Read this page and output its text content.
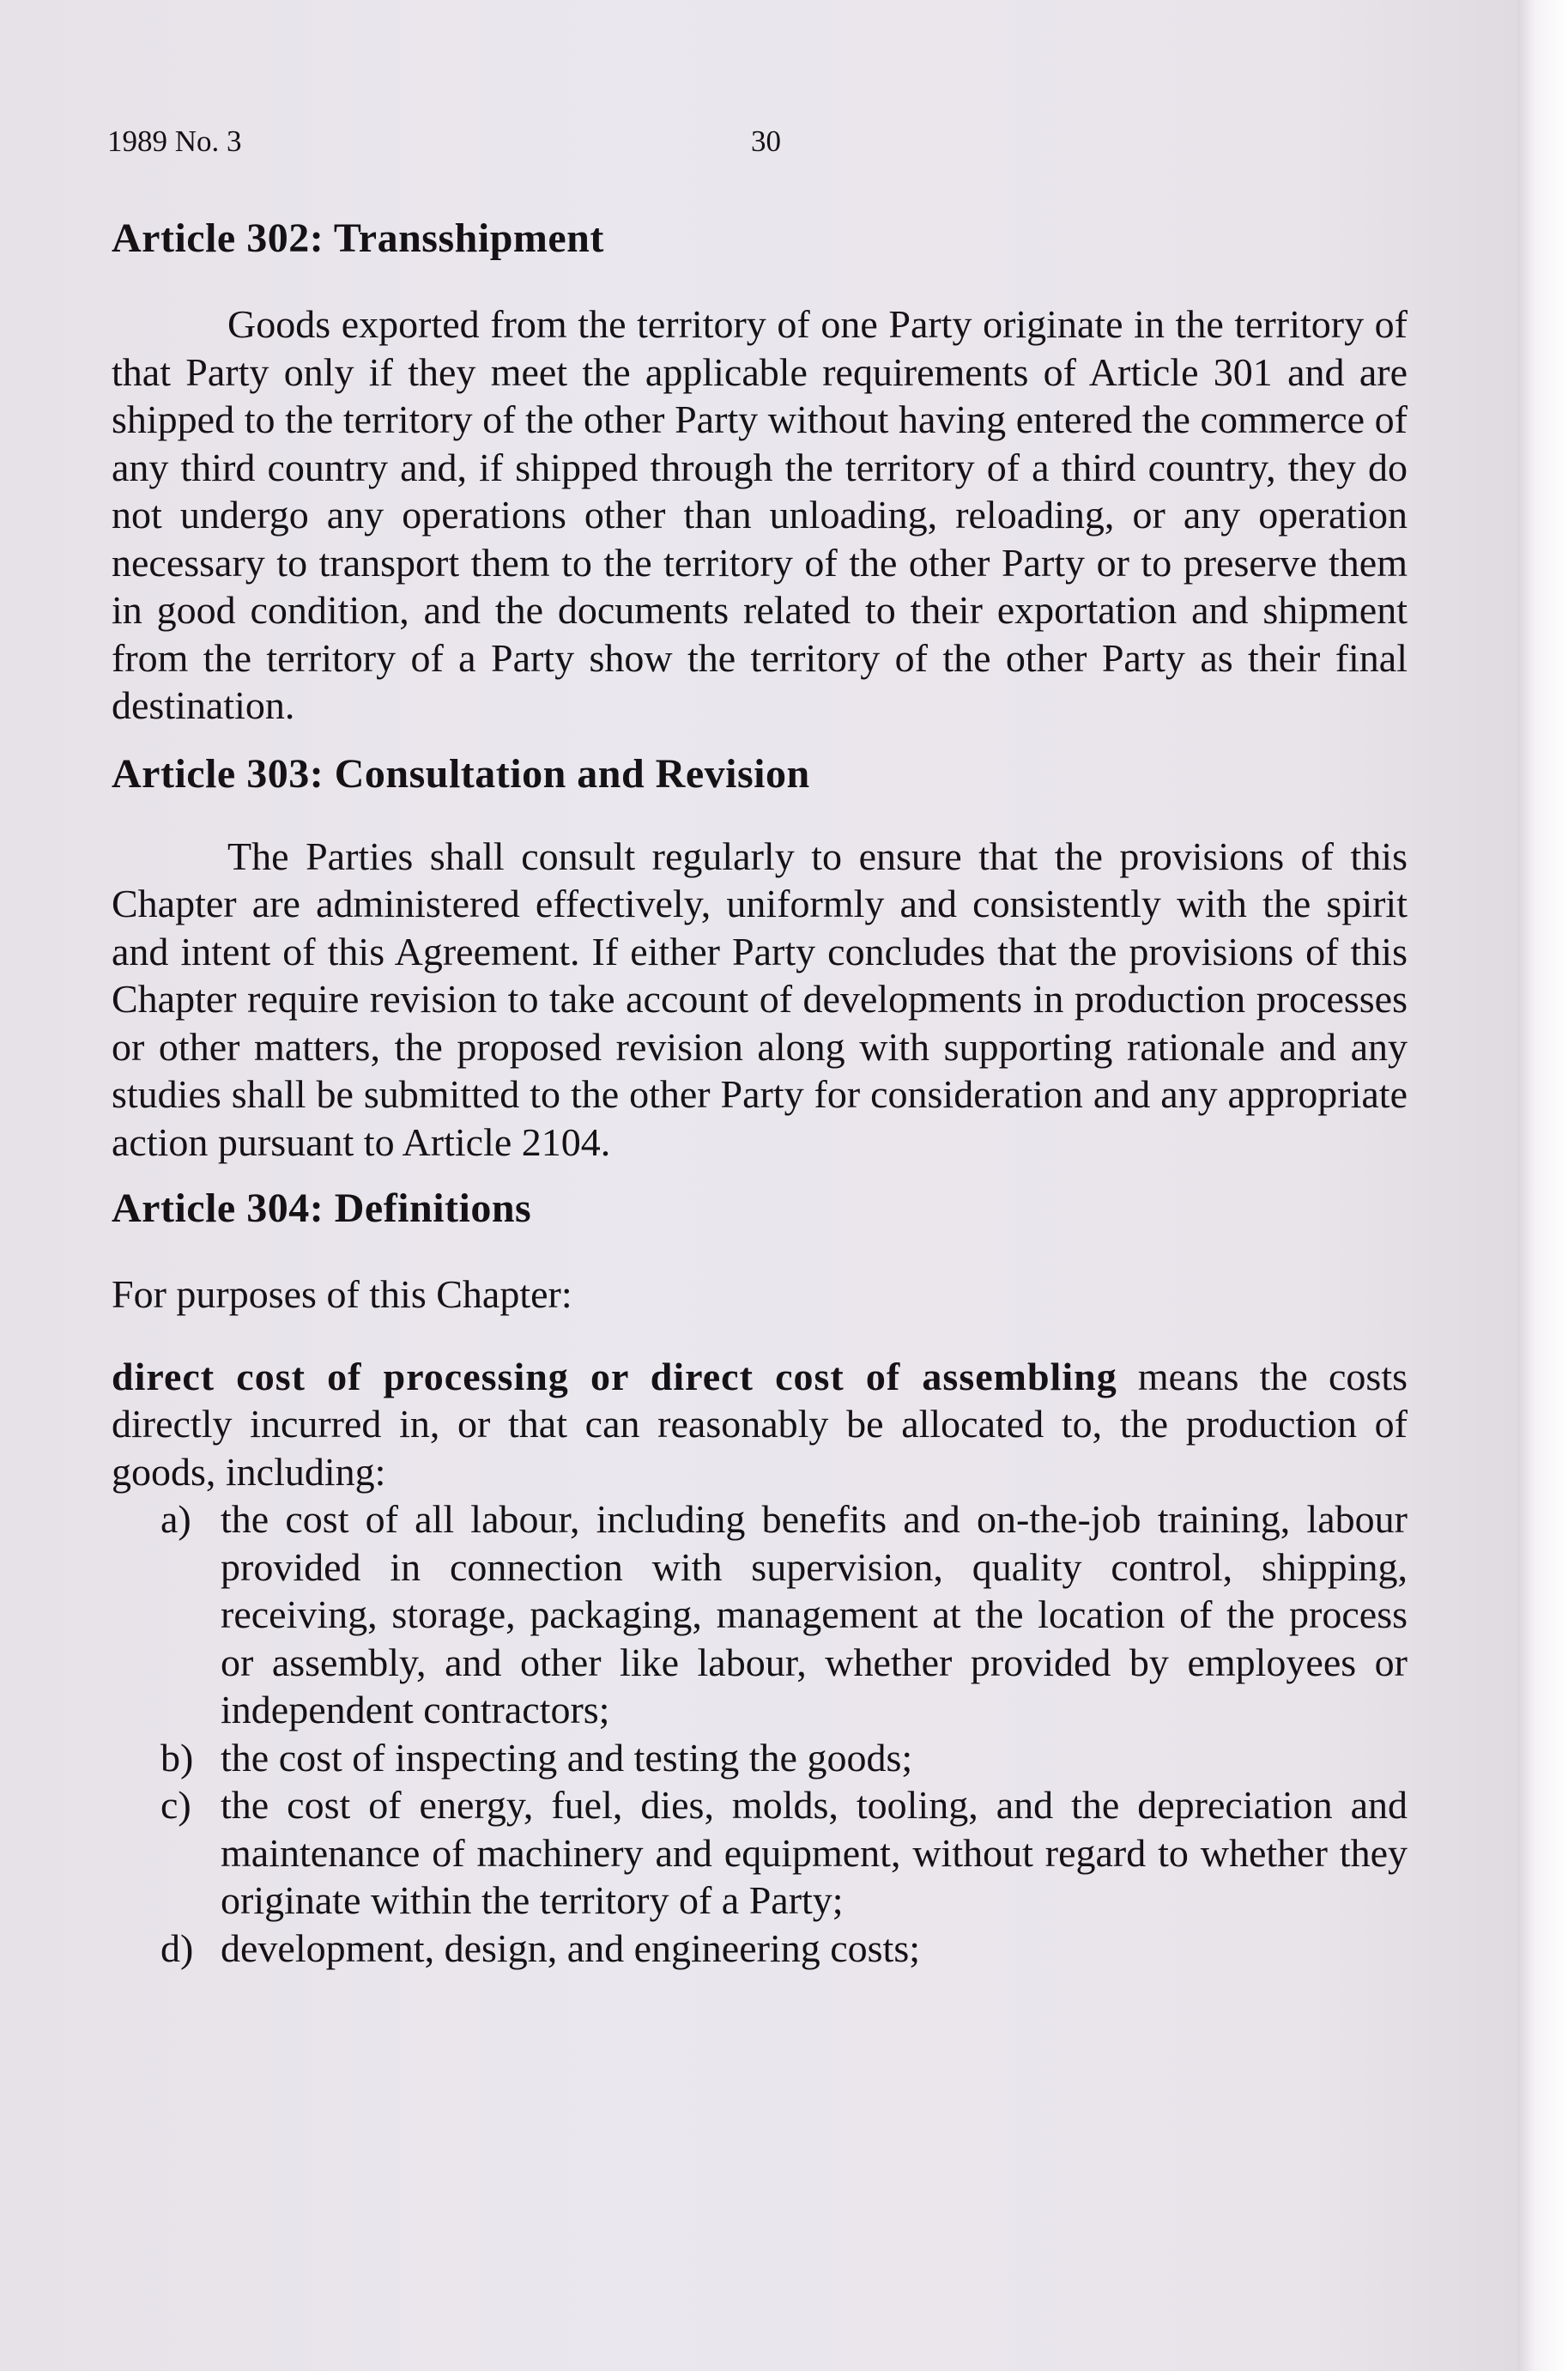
1989 No. 3	30
Article 302: Transshipment

Goods exported from the territory of one Party originate in the territory of that Party only if they meet the applicable requirements of Article 301 and are shipped to the territory of the other Party without having entered the commerce of any third country and, if shipped through the territory of a third country, they do not undergo any operations other than unloading, reloading, or any operation necessary to transport them to the territory of the other Party or to preserve them in good condition, and the documents related to their exportation and shipment from the territory of a Party show the territory of the other Party as their final destination.

Article 303: Consultation and Revision

The Parties shall consult regularly to ensure that the provisions of this Chapter are administered effectively, uniformly and consistently with the spirit and intent of this Agreement. If either Party concludes that the provisions of this Chapter require revision to take account of developments in production processes or other matters, the proposed revision along with supporting rationale and any studies shall be submitted to the other Party for consideration and any appropriate action pursuant to Article 2104.

Article 304: Definitions

For purposes of this Chapter:

direct cost of processing or direct cost of assembling means the costs directly incurred in, or that can reasonably be allocated to, the production of goods, including:

a) the cost of all labour, including benefits and on-the-job training, labour provided in connection with supervision, quality control, shipping, receiving, storage, packaging, management at the location of the process or assembly, and other like labour, whether provided by employees or independent contractors;
b) the cost of inspecting and testing the goods;
c) the cost of energy, fuel, dies, molds, tooling, and the depreciation and maintenance of machinery and equipment, without regard to whether they originate within the territory of a Party;
d) development, design, and engineering costs;
